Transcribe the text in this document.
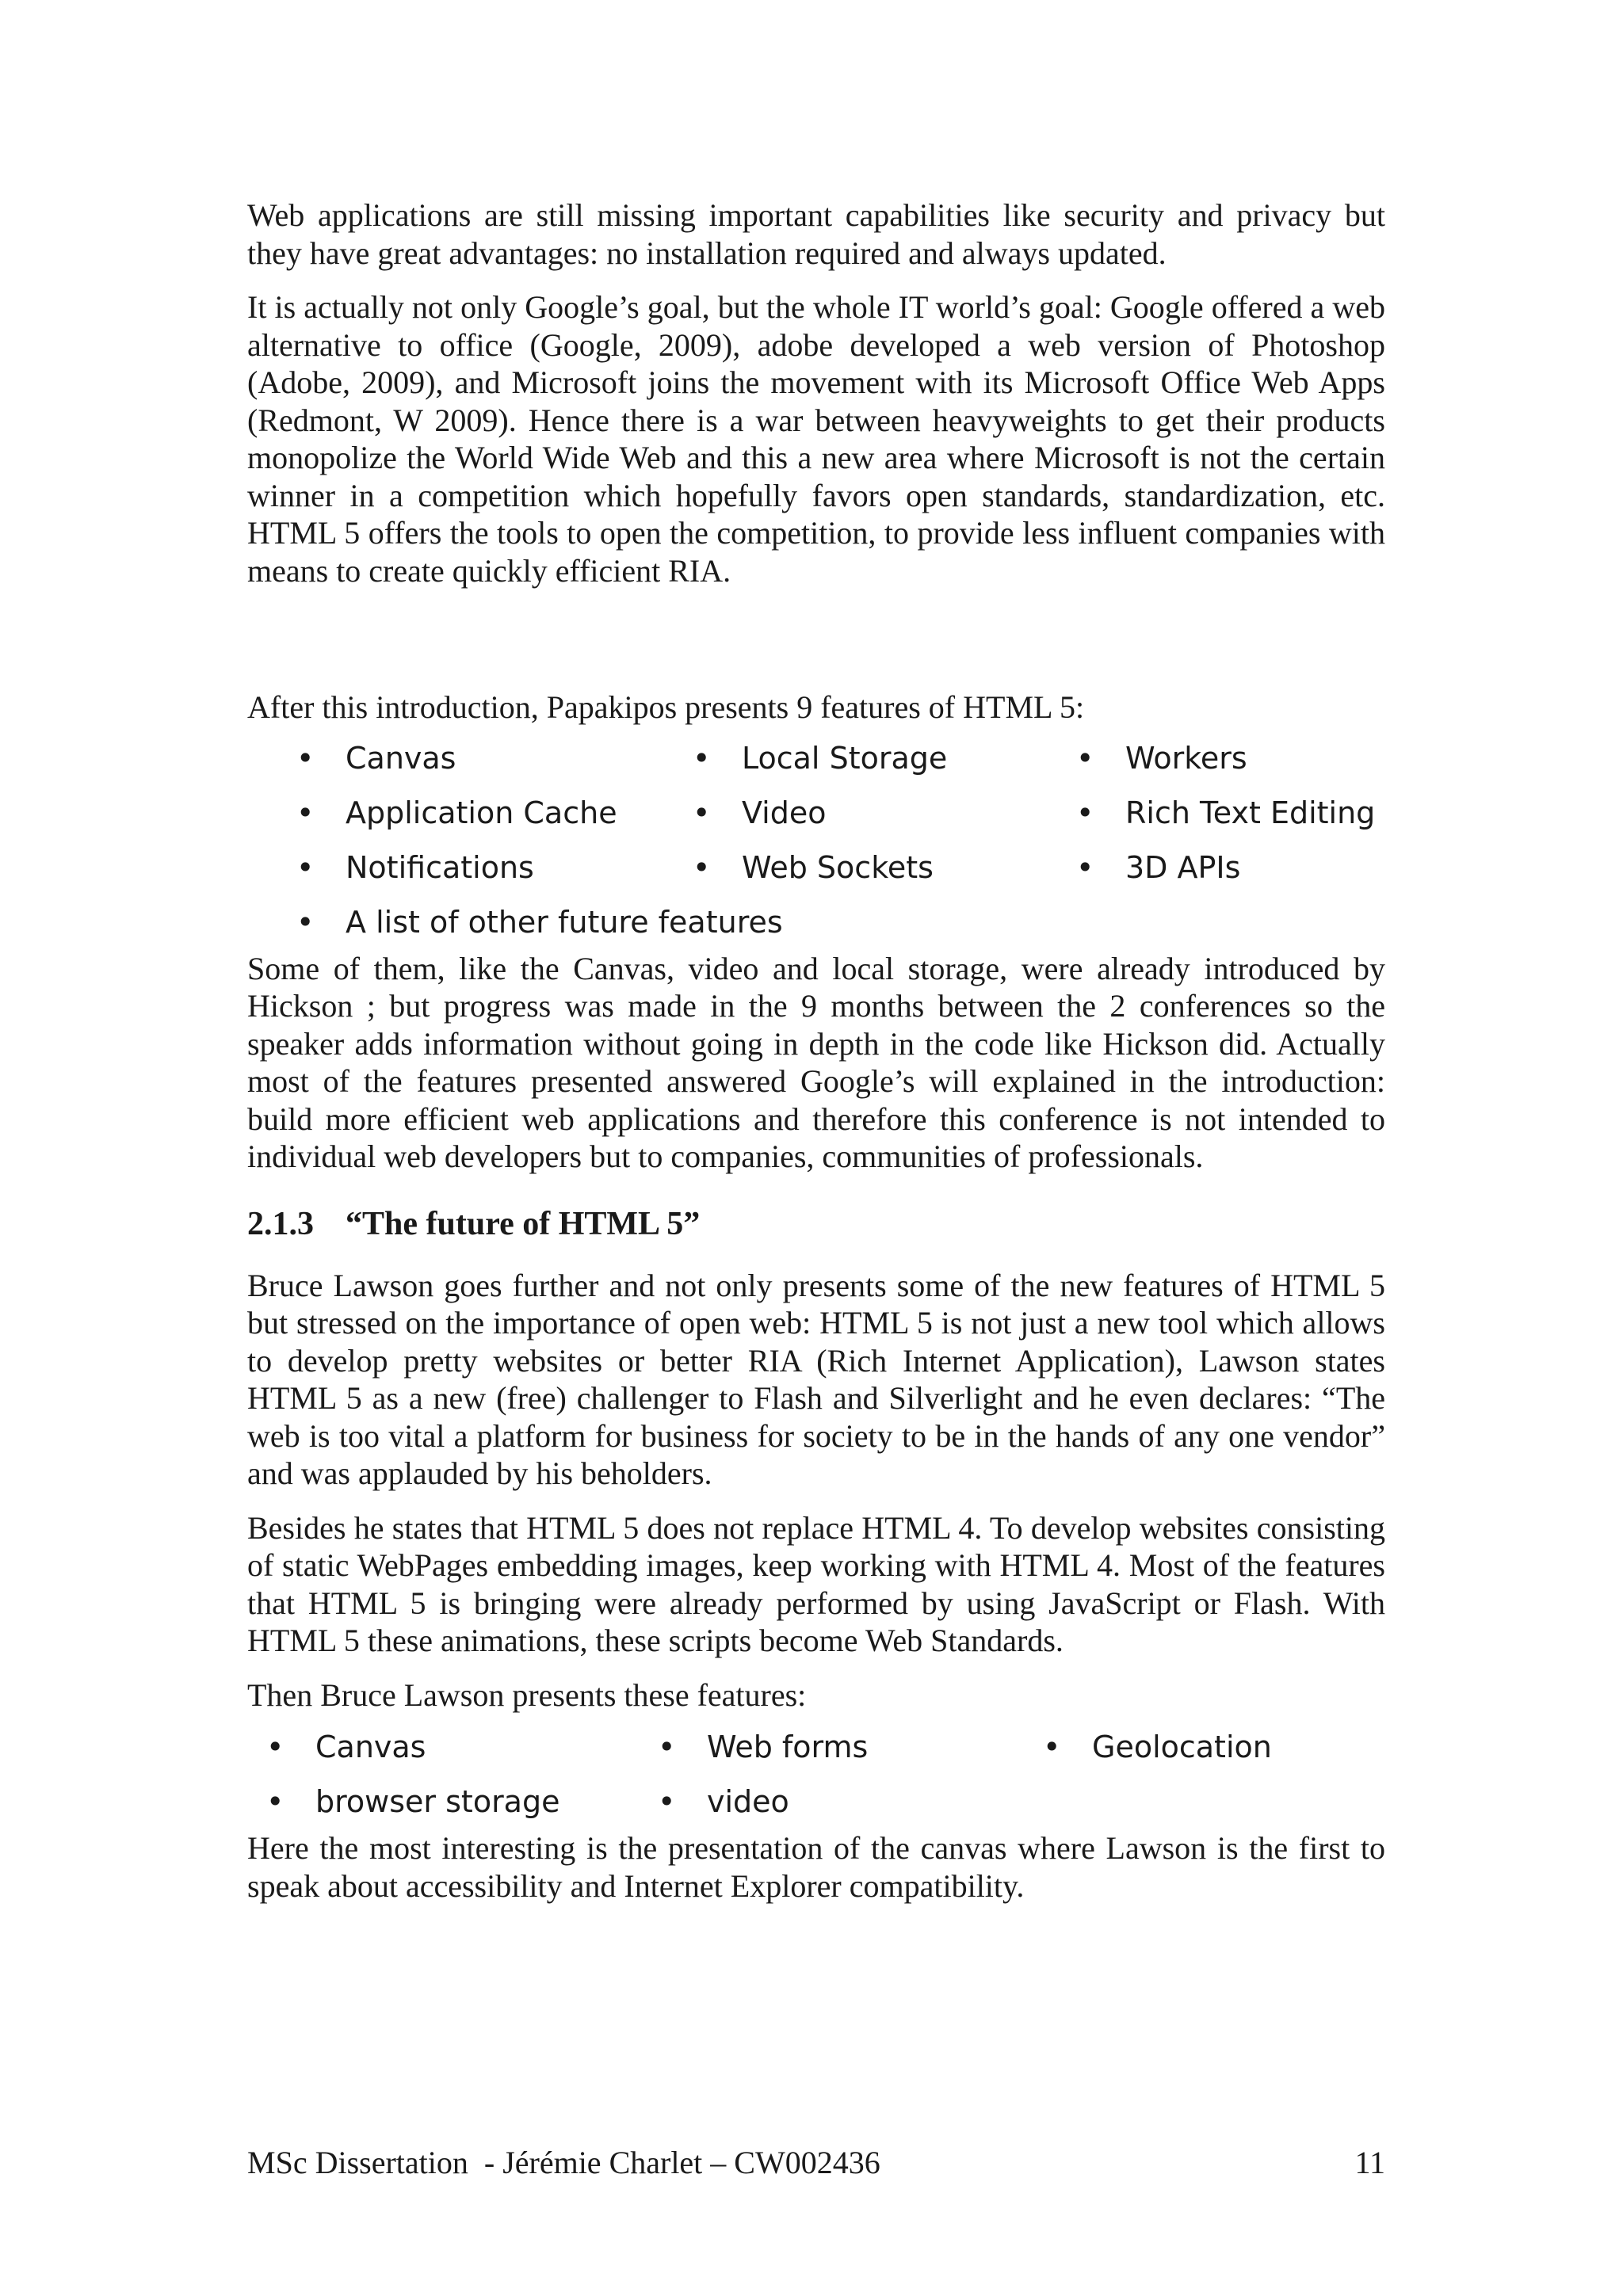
Web applications are still missing important capabilities like security and privacy but they have great advantages: no installation required and always updated.

It is actually not only Google’s goal, but the whole IT world’s goal: Google offered a web alternative to office (Google, 2009), adobe developed a web version of Photoshop (Adobe, 2009), and Microsoft joins the movement with its Microsoft Office Web Apps (Redmont, W 2009). Hence there is a war between heavyweights to get their products monopolize the World Wide Web and this a new area where Microsoft is not the certain winner in a competition which hopefully favors open standards, standardization, etc. HTML 5 offers the tools to open the competition, to provide less influent companies with means to create quickly efficient RIA.

After this introduction, Papakipos presents 9 features of HTML 5:

• Canvas	• Local Storage	• Workers
• Application Cache	• Video	• Rich Text Editing
• Notifications	• Web Sockets	• 3D APIs
• A list of other future features

Some of them, like the Canvas, video and local storage, were already introduced by Hickson ; but progress was made in the 9 months between the 2 conferences so the speaker adds information without going in depth in the code like Hickson did. Actually most of the features presented answered Google’s will explained in the introduction: build more efficient web applications and therefore this conference is not intended to individual web developers but to companies, communities of professionals.

2.1.3 “The future of HTML 5”

Bruce Lawson goes further and not only presents some of the new features of HTML 5 but stressed on the importance of open web: HTML 5 is not just a new tool which allows to develop pretty websites or better RIA (Rich Internet Application), Lawson states HTML 5 as a new (free) challenger to Flash and Silverlight and he even declares: “The web is too vital a platform for business for society to be in the hands of any one vendor” and was applauded by his beholders.

Besides he states that HTML 5 does not replace HTML 4. To develop websites consisting of static WebPages embedding images, keep working with HTML 4. Most of the features that HTML 5 is bringing were already performed by using JavaScript or Flash. With HTML 5 these animations, these scripts become Web Standards.

Then Bruce Lawson presents these features:

• Canvas	• Web forms	• Geolocation
• browser storage	• video

Here the most interesting is the presentation of the canvas where Lawson is the first to speak about accessibility and Internet Explorer compatibility.

MSc Dissertation  - Jérémie Charlet – CW002436	11
